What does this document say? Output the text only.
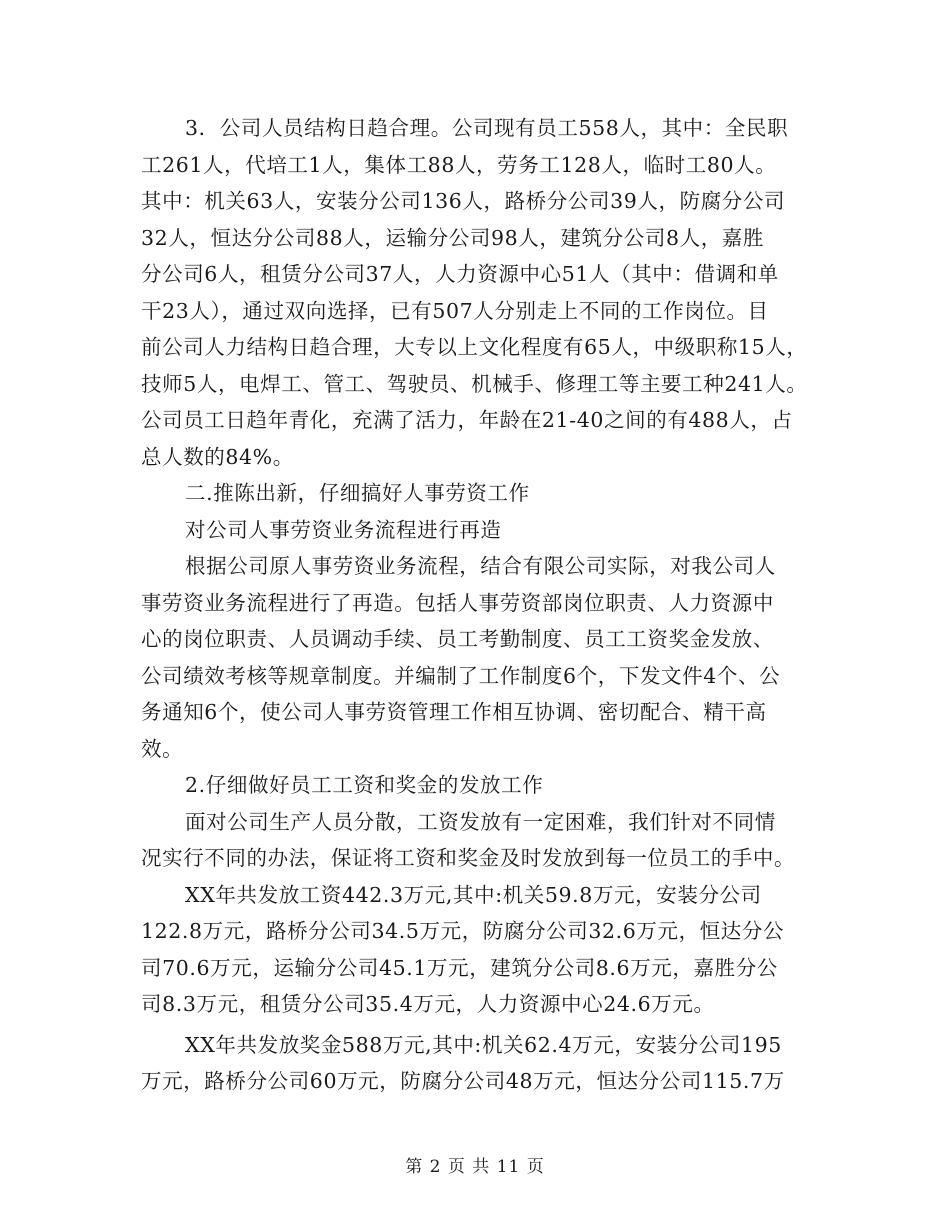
3．公司人员结构日趋合理。公司现有员工558人，其中：全民职
工261人，代培工1人，集体工88人，劳务工128人，临时工80人。
其中：机关63人，安装分公司136人，路桥分公司39人，防腐分公司
32人，恒达分公司88人，运输分公司98人，建筑分公司8人，嘉胜
分公司6人，租赁分公司37人，人力资源中心51人（其中：借调和单
干23人），通过双向选择，已有507人分别走上不同的工作岗位。目
前公司人力结构日趋合理，大专以上文化程度有65人，中级职称15人，
技师5人，电焊工、管工、驾驶员、机械手、修理工等主要工种241人。
公司员工日趋年青化，充满了活力，年龄在21-40之间的有488人，占
总人数的84%。
二.推陈出新，仔细搞好人事劳资工作
对公司人事劳资业务流程进行再造
根据公司原人事劳资业务流程，结合有限公司实际，对我公司人
事劳资业务流程进行了再造。包括人事劳资部岗位职责、人力资源中
心的岗位职责、人员调动手续、员工考勤制度、员工工资奖金发放、
公司绩效考核等规章制度。并编制了工作制度6个，下发文件4个、公
务通知6个，使公司人事劳资管理工作相互协调、密切配合、精干高
效。
2.仔细做好员工工资和奖金的发放工作
面对公司生产人员分散，工资发放有一定困难，我们针对不同情
况实行不同的办法，保证将工资和奖金及时发放到每一位员工的手中。
XX年共发放工资442.3万元,其中:机关59.8万元，安装分公司
122.8万元，路桥分公司34.5万元，防腐分公司32.6万元，恒达分公
司70.6万元，运输分公司45.1万元，建筑分公司8.6万元，嘉胜分公
司8.3万元，租赁分公司35.4万元，人力资源中心24.6万元。
XX年共发放奖金588万元,其中:机关62.4万元，安装分公司195
万元，路桥分公司60万元，防腐分公司48万元，恒达分公司115.7万
第 2 页 共 11 页
